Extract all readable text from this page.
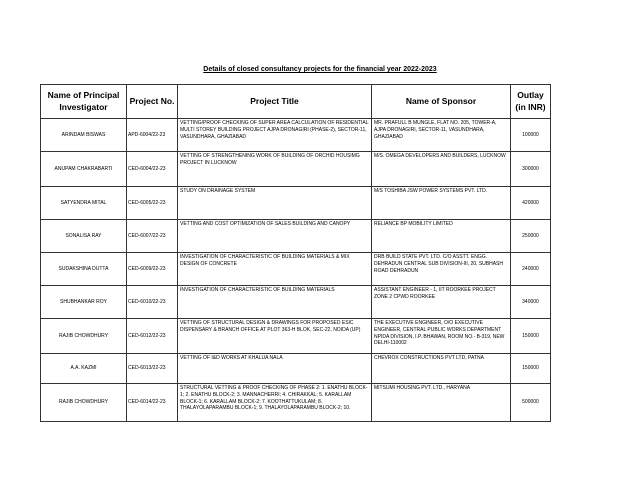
Details of closed consultancy projects for the financial year 2022-2023
Name of Principal Investigator	Project No.	Project Title	Name of Sponsor	Outlay (in INR)
ARINDAM BISWAS	APD-6004/22-23	VETTING/PROOF CHECKING OF SUPER AREA CALCULATION OF RESIDENTIAL MULTI STOREY BUILDING PROJECT AJPA DRONAGIRI (PHASE-2), SECTOR-11, VASUNDHARA, GHAZIABAD	MR. PRAFULL B MUNGLE, FLAT NO. 205, TOWER-A, AJPA DRONAGIRI, SECTOR-11, VASUNDHARA, GHAZIABAD	100000
ANUPAM CHAKRABARTI	CED-6004/22-23	VETTING OF STRENGTHENING WORK OF BUILDING OF ORCHID HOUSIMG PROJECT IN LUCKNOW	M/S. OMEGA DEVELOPERS AND BUILDERS, LUCKNOW	300000
SATYENDRA MITAL	CED-6005/22-23	STUDY ON DRAINAGE SYSTEM	M/S TOSHIBA JSW POWER SYSTEMS PVT. LTD.	420000
SONALISA RAY	CED-6007/22-23	VETTING AND COST OPTIMIZATION OF SALES BUILDING AND CANOPY	RELIANCE BP MOBILITY LIMITED	250000
SUDAKSHINA DUTTA	CED-6009/22-23	INVESTIGATION OF CHARACTERISTIC OF BUILDING MATERIALS & MIX DESIGN OF CONCRETE	DRB BUILD STATE PVT. LTD. C/O ASSTT. ENGG. DEHRADUN CENTRAL SUB DIVISION-III, 20, SUBHASH ROAD DEHRADUN	240000
SHUBHANKAR ROY	CED-6010/22-23	INVESTIGATION OF CHARACTERISTIC OF BUILDING MATERIALS	ASSISTANT ENGINEER - 1, IIT ROORKEE PROJECT ZONE 2 CPWD ROORKEE	340000
RAJIB CHOWDHURY	CED-6012/22-23	VETTING OF STRUCTURAL DESIGN & DRAWINGS FOR PROPOSED ESIC DISPENSARY & BRANCH OFFICE AT PLOT 363-H BLOK, SEC-22, NOIDA (UP)	THE EXECUTIVE ENGINEER, O/O EXECUTIVE ENGINEER, CENTRAL PUBLIC WORKS DEPARTMENT NPIDA DIVISION, I.P. BHAWAN, ROOM NO.- B-319, NEW DELHI-110002	150000
A.A. KAZMI	CED-6013/22-23	VETTING OF I&D WORKS AT KHALUA NALA	CHEVROX CONSTRUCTIONS PVT LTD, PATNA	150000
RAJIB CHOWDHURY	CED-6014/22-23	STRUCTURAL VETTING & PROOF CHECKING OF PHASE 2: 1. ENATHU BLOCK-1; 2. ENATHU BLOCK-2; 3. MANNACHERRI; 4. CHIRAKKAL; 5. KARALLAM BLOCK-1; 6. KARALLAM BLOCK-2; 7. KOOTHATTUKULAM; 8. THALAYOLAPARAMBU BLOCK-1; 9. THALAYOLAPARAMBU BLOCK-2; 10.	MITSUMI HOUSING PVT. LTD., HARYANA	500000
